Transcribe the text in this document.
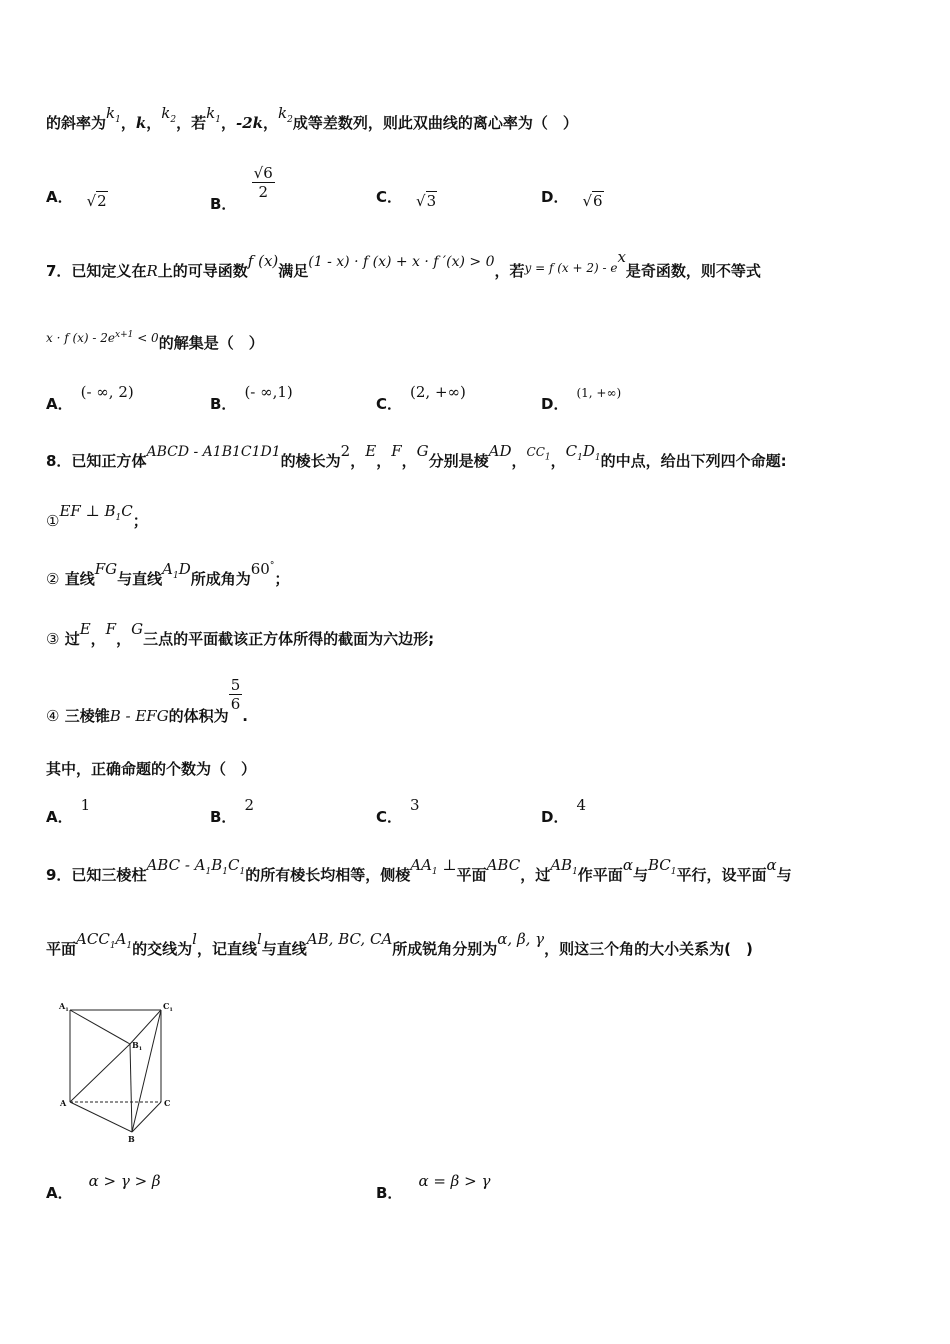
的斜率为$k_1$，k，$k_2$，若$k_1$，-2k，$k_2$成等差数列，则此双曲线的离心率为（　）
A． √2	B．
$\frac{√6}{2}$	C． √3	D． √6
7．已知定义在R上的可导函数f (x)满足(1 - x) · f (x) + x · f ′(x) > 0，若$^{y = f (x + 2) - ex}$是奇函数，则不等式
$^{x \cdot f (x) - 2e^{x+1} < 0}$的解集是（　）
A．(- ∞, 2)
B．(- ∞,1)
C．(2, +∞)
D．$^{(1, +\infty)}$
8．已知正方体ABCD - A1B1C1D1的棱长为2，E，F，G分别是棱AD，$^{CC_1}$，$C_1D_1$的中点，给出下列四个命题:
①EF ⊥ $B_1C$；
② 直线FG与直线$A_1D$所成角为60°；
③ 过E，F，G三点的平面截该正方体所得的截面为六边形;
④ 三棱锥B - EFG的体积为
$\frac{5}{6}$
.
其中，正确命题的个数为（　）
A．1
B．2
C．3
D．4
9．已知三棱柱ABC - $A_1B_1C_1$的所有棱长均相等，侧棱$AA_1$ ⊥平面ABC，过$AB_1$作平面α与$BC_1$平行，设平面α与
平面$ACC_1A_1$的交线为l，记直线l与直线AB, BC, CA所成锐角分别为α, β, γ，则这三个角的大小关系为(　)
$A_1$	$C_1$
$B_1$
A	C
B
A．α > γ > β
B．α = β > γ
